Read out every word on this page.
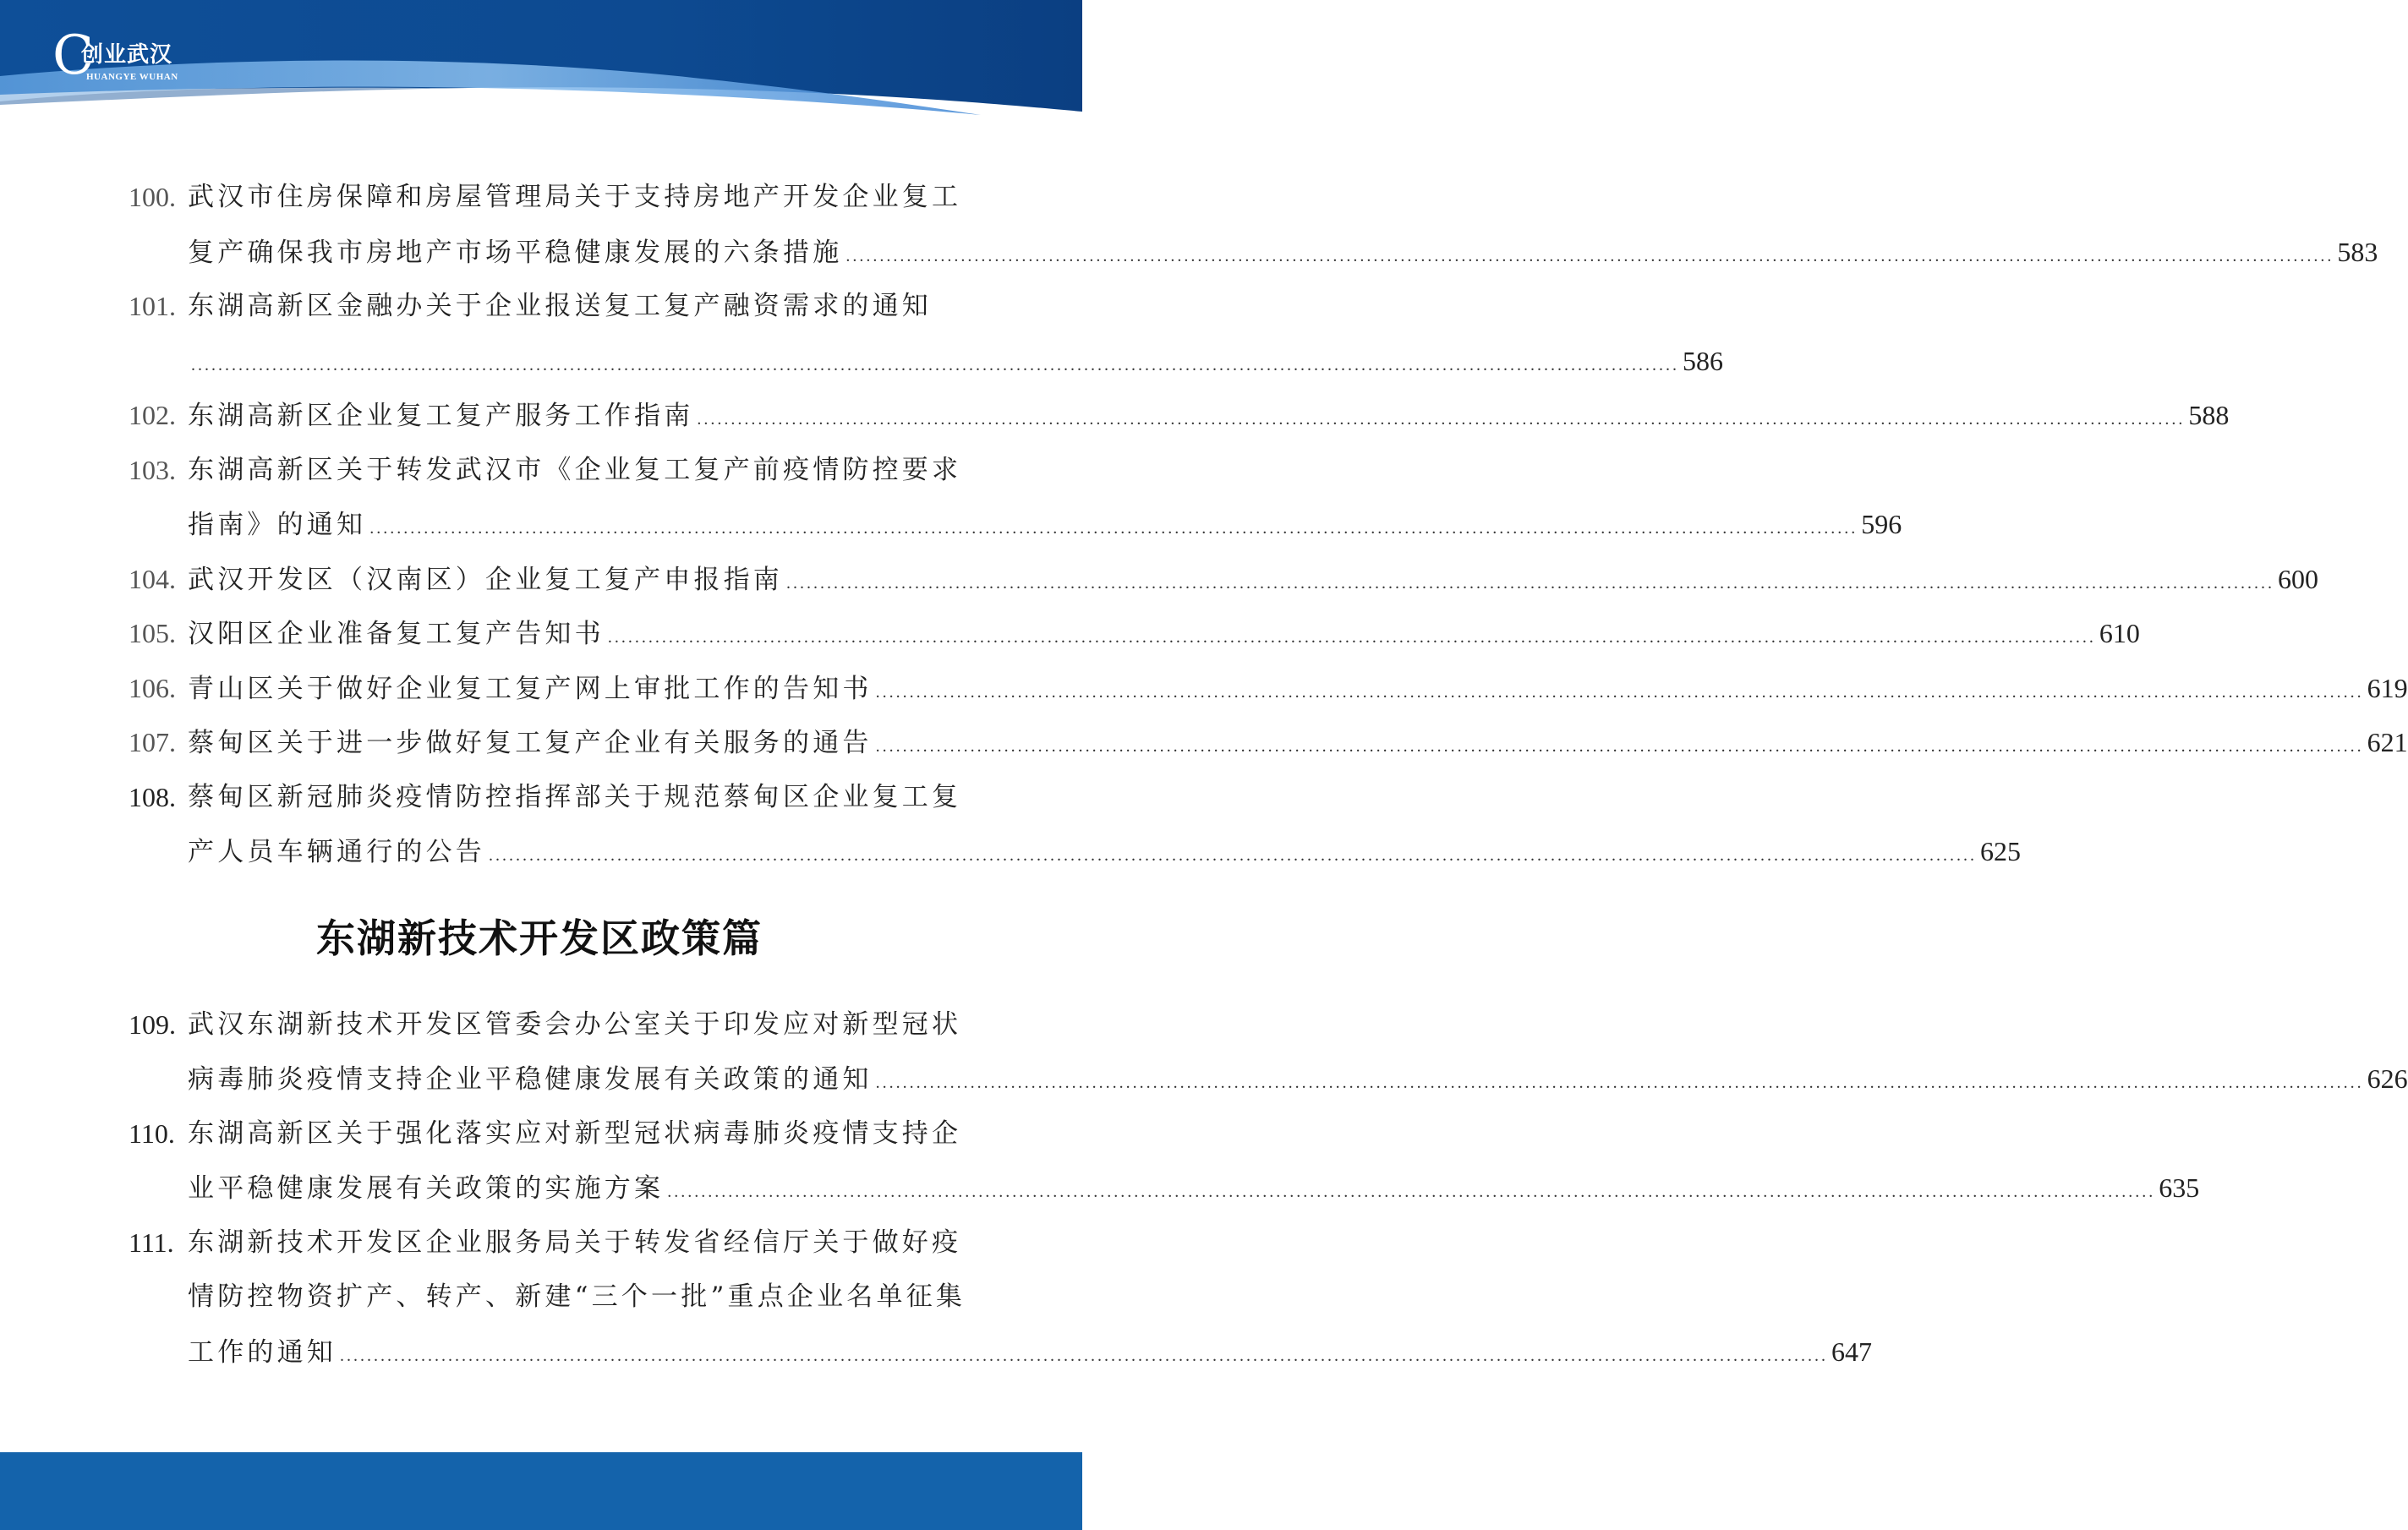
C
创业武汉
HUANGYE WUHAN
100. 武汉市住房保障和房屋管理局关于支持房地产开发企业复工
复产确保我市房地产市场平稳健康发展的六条措施 ............................................................................................................................................................................................................................ 583
101. 东湖高新区金融办关于企业报送复工复产融资需求的通知
............................................................................................................................................................................................................................ 586
102. 东湖高新区企业复工复产服务工作指南 ............................................................................................................................................................................................................................ 588
103. 东湖高新区关于转发武汉市《企业复工复产前疫情防控要求
指南》的通知 ............................................................................................................................................................................................................................ 596
104. 武汉开发区（汉南区）企业复工复产申报指南 ............................................................................................................................................................................................................................ 600
105. 汉阳区企业准备复工复产告知书 ............................................................................................................................................................................................................................ 610
106. 青山区关于做好企业复工复产网上审批工作的告知书 ............................................................................................................................................................................................................................ 619
107. 蔡甸区关于进一步做好复工复产企业有关服务的通告 ............................................................................................................................................................................................................................ 621
108. 蔡甸区新冠肺炎疫情防控指挥部关于规范蔡甸区企业复工复
产人员车辆通行的公告 ............................................................................................................................................................................................................................ 625
东湖新技术开发区政策篇
109. 武汉东湖新技术开发区管委会办公室关于印发应对新型冠状
病毒肺炎疫情支持企业平稳健康发展有关政策的通知 ............................................................................................................................................................................................................................ 626
110. 东湖高新区关于强化落实应对新型冠状病毒肺炎疫情支持企
业平稳健康发展有关政策的实施方案 ............................................................................................................................................................................................................................ 635
111. 东湖新技术开发区企业服务局关于转发省经信厅关于做好疫
情防控物资扩产、转产、新建“三个一批”重点企业名单征集
工作的通知 ............................................................................................................................................................................................................................ 647
